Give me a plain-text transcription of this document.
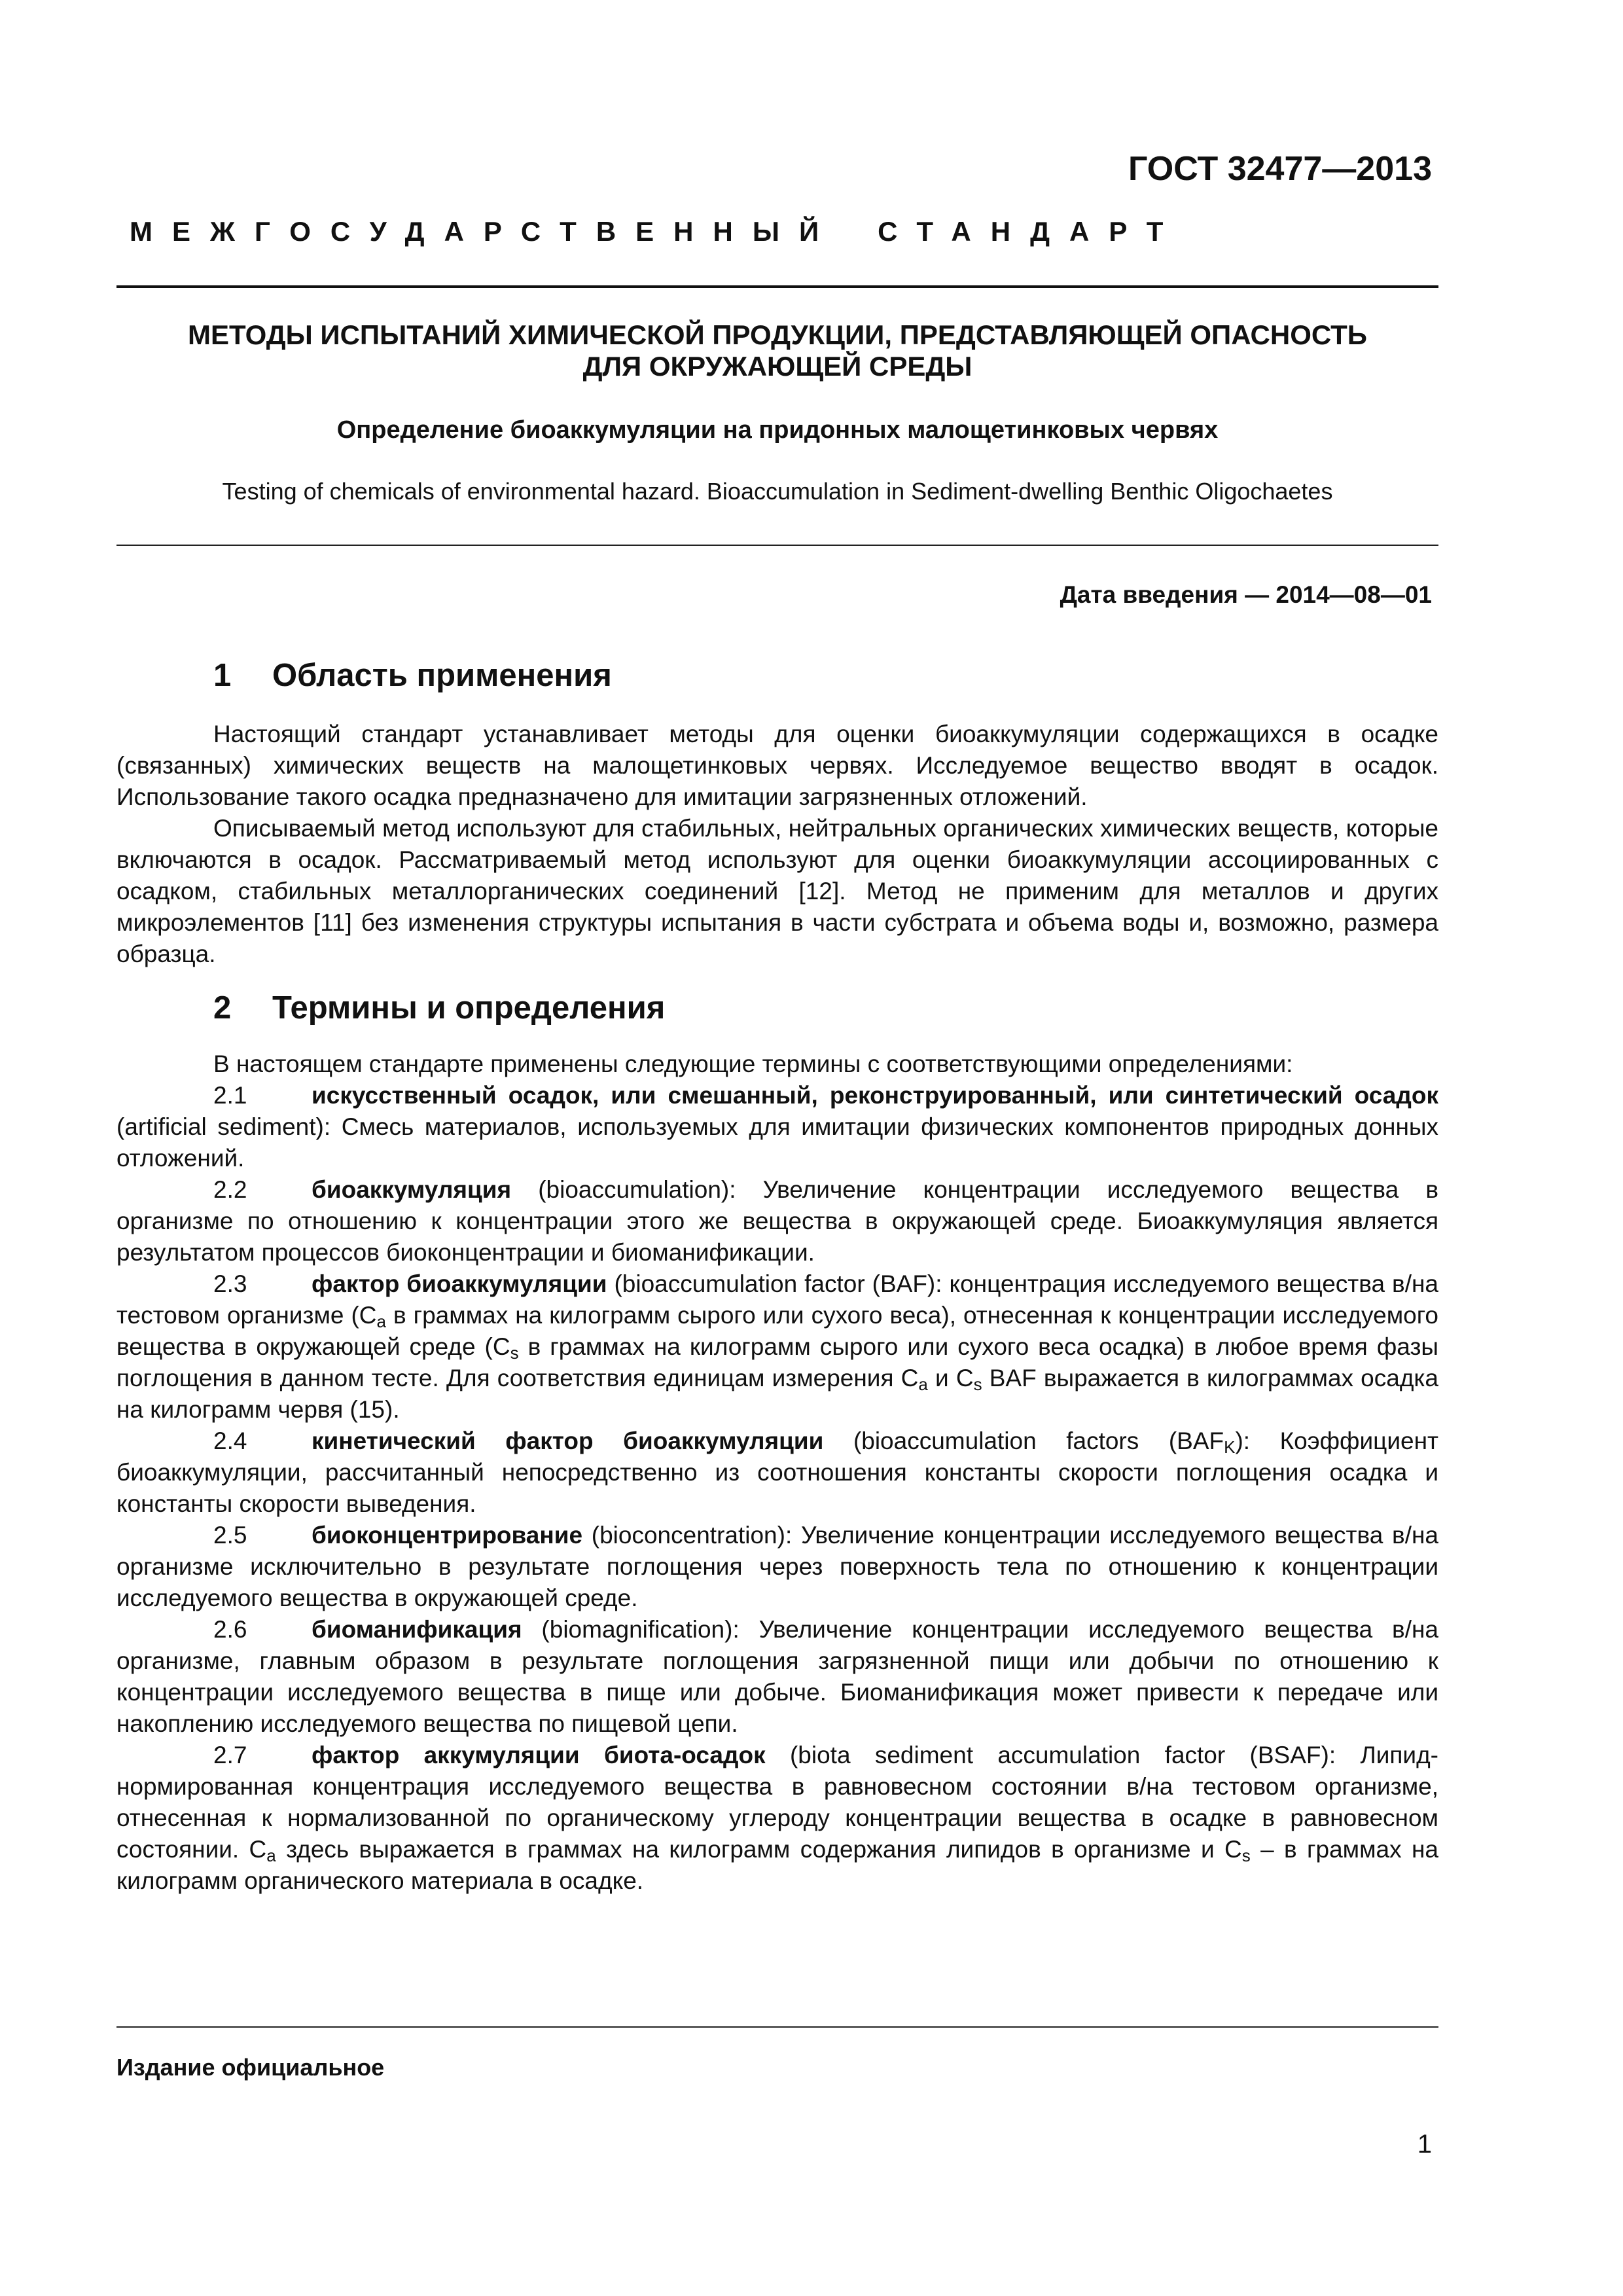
ГОСТ 32477—2013
МЕЖГОСУДАРСТВЕННЫЙ СТАНДАРТ
МЕТОДЫ ИСПЫТАНИЙ ХИМИЧЕСКОЙ ПРОДУКЦИИ, ПРЕДСТАВЛЯЮЩЕЙ ОПАСНОСТЬ
ДЛЯ ОКРУЖАЮЩЕЙ СРЕДЫ
Определение биоаккумуляции на придонных малощетинковых червях
Testing of chemicals of environmental hazard. Bioaccumulation in Sediment-dwelling Benthic Oligochaetes
Дата введения — 2014—08—01
1 Область применения

Настоящий стандарт устанавливает методы для оценки биоаккумуляции содержащихся в осадке (связанных) химических веществ на малощетинковых червях. Исследуемое вещество вводят в осадок. Использование такого осадка предназначено для имитации загрязненных отложений.

Описываемый метод используют для стабильных, нейтральных органических химических веществ, которые включаются в осадок. Рассматриваемый метод используют для оценки биоаккумуляции ассоциированных с осадком, стабильных металлорганических соединений [12]. Метод не применим для металлов и других микроэлементов [11] без изменения структуры испытания в части субстрата и объема воды и, возможно, размера образца.

2 Термины и определения

В настоящем стандарте применены следующие термины с соответствующими определениями:

2.1	искусственный осадок, или смешанный, реконструированный, или синтетический осадок (artificial sediment): Смесь материалов, используемых для имитации физических компонентов природных донных отложений.

2.2	биоаккумуляция (bioaccumulation): Увеличение концентрации исследуемого вещества в организме по отношению к концентрации этого же вещества в окружающей среде. Биоаккумуляция является результатом процессов биоконцентрации и биоманификации.

2.3	фактор биоаккумуляции (bioaccumulation factor (BAF): концентрация исследуемого вещества в/на тестовом организме ($C_a$ в граммах на килограмм сырого или сухого веса), отнесенная к концентрации исследуемого вещества в окружающей среде ($C_s$ в граммах на килограмм сырого или сухого веса осадка) в любое время фазы поглощения в данном тесте. Для соответствия единицам измерения $C_a$ и $C_s$ BAF выражается в килограммах осадка на килограмм червя (15).

2.4	кинетический фактор биоаккумуляции (bioaccumulation factors $(BAF_K)$: Коэффициент биоаккумуляции, рассчитанный непосредственно из соотношения константы скорости поглощения осадка и константы скорости выведения.

2.5	биоконцентрирование (bioconcentration): Увеличение концентрации исследуемого вещества в/на организме исключительно в результате поглощения через поверхность тела по отношению к концентрации исследуемого вещества в окружающей среде.

2.6	биоманификация (biomagnification): Увеличение концентрации исследуемого вещества в/на организме, главным образом в результате поглощения загрязненной пищи или добычи по отношению к концентрации исследуемого вещества в пище или добыче. Биоманификация может привести к передаче или накоплению исследуемого вещества по пищевой цепи.

2.7	фактор аккумуляции биота-осадок (biota sediment accumulation factor (BSAF): Липид-нормированная концентрация исследуемого вещества в равновесном состоянии в/на тестовом организме, отнесенная к нормализованной по органическому углероду концентрации вещества в осадке в равновесном состоянии. $C_a$ здесь выражается в граммах на килограмм содержания липидов в организме и $C_s$ – в граммах на килограмм органического материала в осадке.

Издание официальное
1
